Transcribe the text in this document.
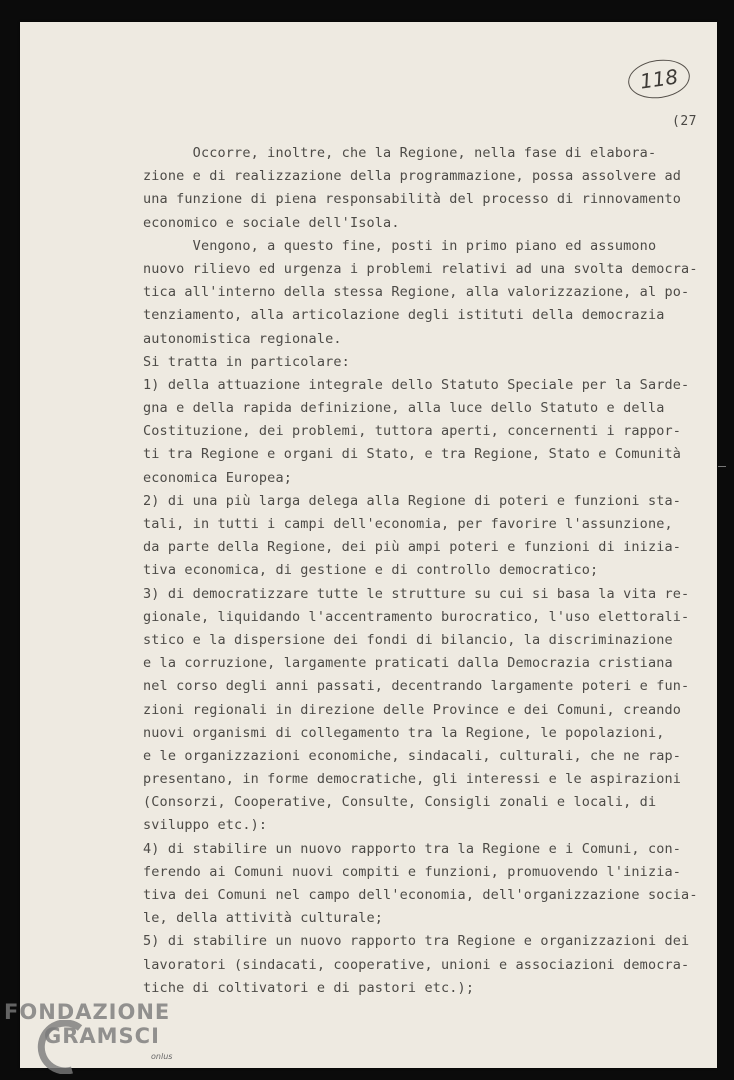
118
(27
Occorre, inoltre, che la Regione, nella fase di elabora-
zione e di realizzazione della programmazione, possa assolvere ad
una funzione di piena responsabilità del processo di rinnovamento
economico e sociale dell'Isola.
Vengono, a questo fine, posti in primo piano ed assumono
nuovo rilievo ed urgenza i problemi relativi ad una svolta democra-
tica all'interno della stessa Regione, alla valorizzazione, al po-
tenziamento, alla articolazione degli istituti della democrazia
autonomistica regionale.
Si tratta in particolare:
1) della attuazione integrale dello Statuto Speciale per la Sarde-
gna e della rapida definizione, alla luce dello Statuto e della
Costituzione, dei problemi, tuttora aperti, concernenti i rappor-
ti tra Regione e organi di Stato, e tra Regione, Stato e Comunità
economica Europea;
2) di una più larga delega alla Regione di poteri e funzioni sta-
tali, in tutti i campi dell'economia, per favorire l'assunzione,
da parte della Regione, dei più ampi poteri e funzioni di inizia-
tiva economica, di gestione e di controllo democratico;
3) di democratizzare tutte le strutture su cui si basa la vita re-
gionale, liquidando l'accentramento burocratico, l'uso elettorali-
stico e la dispersione dei fondi di bilancio, la discriminazione
e la corruzione, largamente praticati dalla Democrazia cristiana
nel corso degli anni passati, decentrando largamente poteri e fun-
zioni regionali in direzione delle Province e dei Comuni, creando
nuovi organismi di collegamento tra la Regione, le popolazioni,
e le organizzazioni economiche, sindacali, culturali, che ne rap-
presentano, in forme democratiche, gli interessi e le aspirazioni
(Consorzi, Cooperative, Consulte, Consigli zonali e locali, di
sviluppo etc.):
4) di stabilire un nuovo rapporto tra la Regione e i Comuni, con-
ferendo ai Comuni nuovi compiti e funzioni, promuovendo l'inizia-
tiva dei Comuni nel campo dell'economia, dell'organizzazione socia-
le, della attività culturale;
5) di stabilire un nuovo rapporto tra Regione e organizzazioni dei
lavoratori (sindacati, cooperative, unioni e associazioni democra-
tiche di coltivatori e di pastori etc.);
FONDAZIONE
GRAMSCI
onlus
